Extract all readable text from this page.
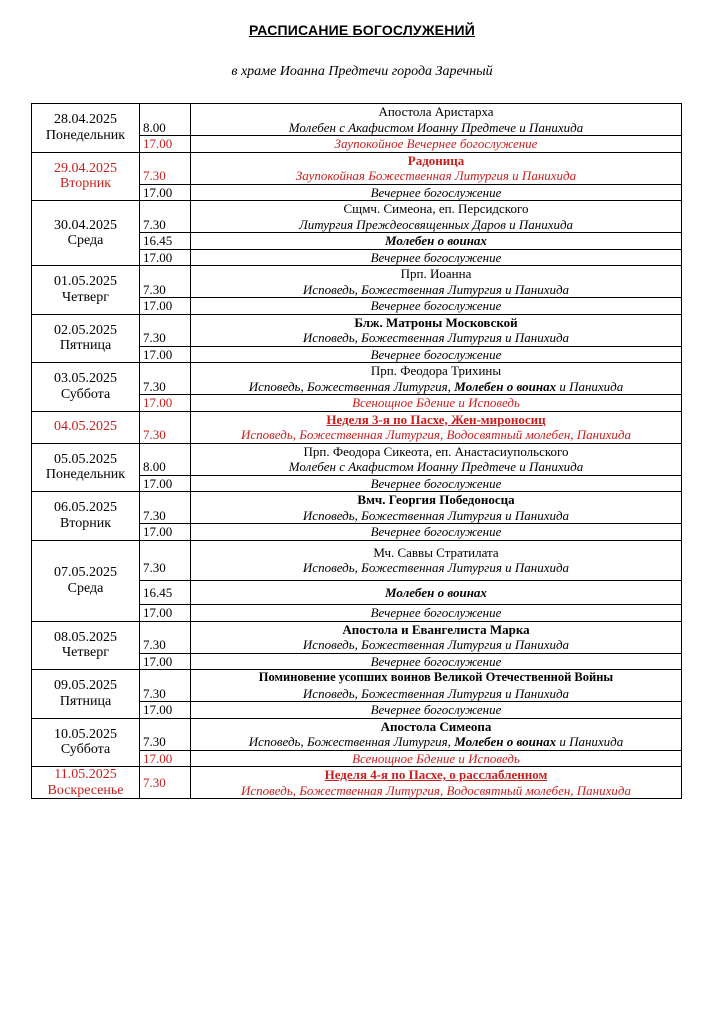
РАСПИСАНИЕ БОГОСЛУЖЕНИЙ
в храме Иоанна Предтечи города Заречный
28.04.2025
Понедельник	8.00	Апостола Аристарха
Молебен с Акафистом Иоанну Предтече и Панихида

	17.00	Заупокойное Вечернее богослужение
29.04.2025
Вторник	7.30	Радоница
Заупокойная Божественная Литургия и Панихида

	17.00	Вечернее богослужение
30.04.2025
Среда	7.30	Сщмч. Симеона, еп. Персидского
Литургия Преждеосвященных Даров и Панихида

	16.45	Молебен о воинах
	17.00	Вечернее богослужение
01.05.2025
Четверг	7.30	Прп. Иоанна
Исповедь, Божественная Литургия и Панихида

	17.00	Вечернее богослужение
02.05.2025
Пятница	7.30	Блж. Матроны Московской
Исповедь, Божественная Литургия и Панихида

	17.00	Вечернее богослужение
03.05.2025
Суббота	7.30	Прп. Феодора Трихины
Исповедь, Божественная Литургия, Молебен о воинах и Панихида

	17.00	Всенощное Бдение и Исповедь
04.05.2025	7.30	Неделя 3-я по Пасхе, Жен-мироносиц
Исповедь, Божественная Литургия, Водосвятный молебен, Панихида

05.05.2025
Понедельник	8.00	Прп. Феодора Сикеота, еп. Анастасиупольского
Молебен с Акафистом Иоанну Предтече и Панихида

	17.00	Вечернее богослужение
06.05.2025
Вторник	7.30	Вмч. Георгия Победоносца
Исповедь, Божественная Литургия и Панихида

	17.00	Вечернее богослужение
07.05.2025
Среда	7.30	Мч. Саввы Стратилата
Исповедь, Божественная Литургия и Панихида

	16.45	Молебен о воинах
	17.00	Вечернее богослужение
08.05.2025
Четверг	7.30	Апостола и Евангелиста Марка
Исповедь, Божественная Литургия и Панихида

	17.00	Вечернее богослужение
09.05.2025
Пятница	7.30	Поминовение усопших воинов Великой Отечественной Войны
Исповедь, Божественная Литургия и Панихида

	17.00	Вечернее богослужение
10.05.2025
Суббота	7.30	Апостола Симеопа
Исповедь, Божественная Литургия, Молебен о воинах и Панихида

	17.00	Всенощное Бдение и Исповедь
11.05.2025
Воскресенье	7.30	Неделя 4-я по Пасхе, о расслабленном
Исповедь, Божественная Литургия, Водосвятный молебен, Панихида
